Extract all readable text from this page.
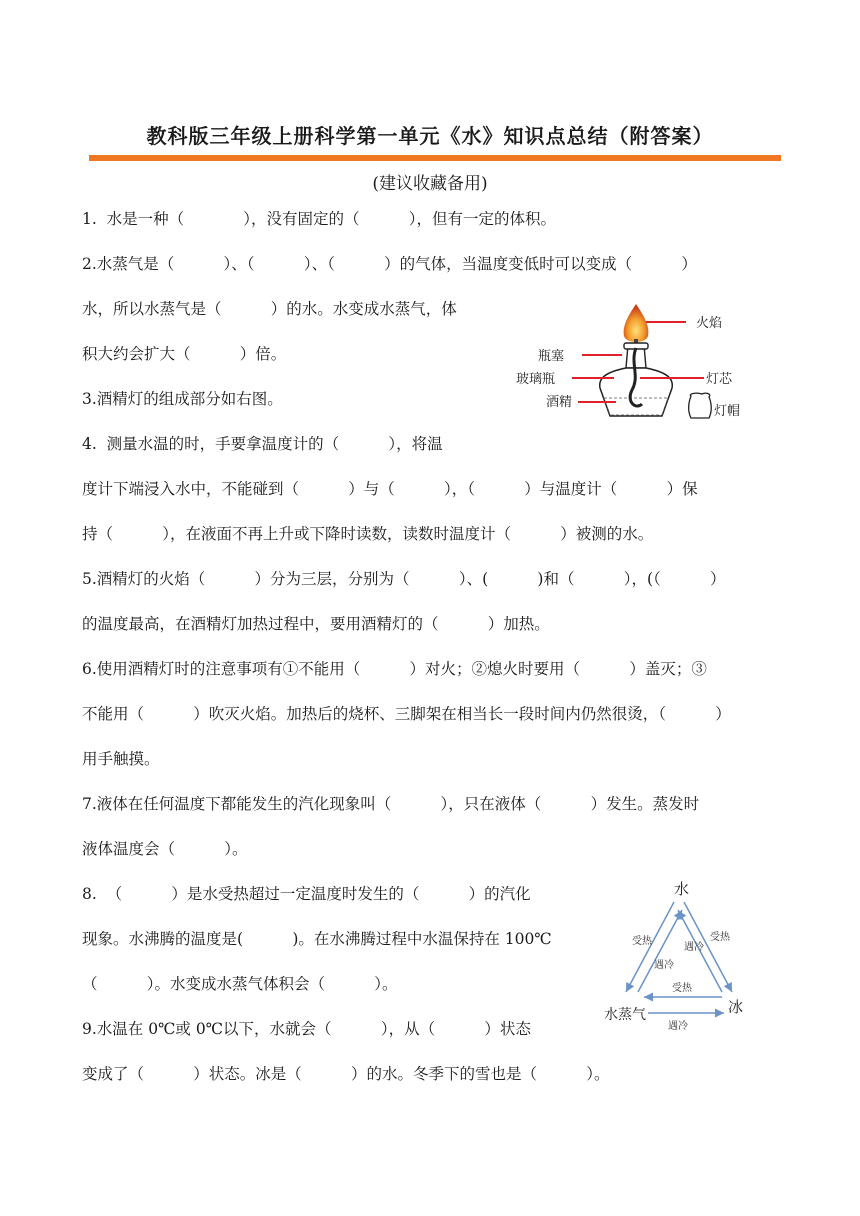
教科版三年级上册科学第一单元《水》知识点总结（附答案）
(建议收藏备用)
1.  水是一种（            ），没有固定的（          ），但有一定的体积。
2.水蒸气是（          ）、（          ）、（          ）的气体，当温度变低时可以变成（          ）
水，所以水蒸气是（          ）的水。水变成水蒸气，体
积大约会扩大（          ）倍。
3.酒精灯的组成部分如右图。
4.  测量水温的时，手要拿温度计的（          ），将温
度计下端浸入水中，不能碰到（          ）与（          ），（          ）与温度计（          ）保
持（          ），在液面不再上升或下降时读数，读数时温度计（          ）被测的水。
5.酒精灯的火焰（          ）分为三层，分别为（          ）、(          )和（          ），(（          ）
的温度最高，在酒精灯加热过程中，要用酒精灯的（          ）加热。
6.使用酒精灯时的注意事项有①不能用（          ）对火；②熄火时要用（          ）盖灭；③
不能用（          ）吹灭火焰。加热后的烧杯、三脚架在相当长一段时间内仍然很烫，（          ）
用手触摸。
7.液体在任何温度下都能发生的汽化现象叫（          ），只在液体（          ）发生。蒸发时
液体温度会（          ）。
8.  （          ）是水受热超过一定温度时发生的（          ）的汽化
现象。水沸腾的温度是(          )。在水沸腾过程中水温保持在 100℃
（          ）。水变成水蒸气体积会（          ）。
9.水温在 0℃或 0℃以下，水就会（          ），从（          ）状态
变成了（          ）状态。冰是（          ）的水。冬季下的雪也是（          ）。
火焰
瓶塞
玻璃瓶	灯芯
酒精
灯帽
水
水蒸气	冰
受热
遇冷
遇冷
受热
受热
遇冷
